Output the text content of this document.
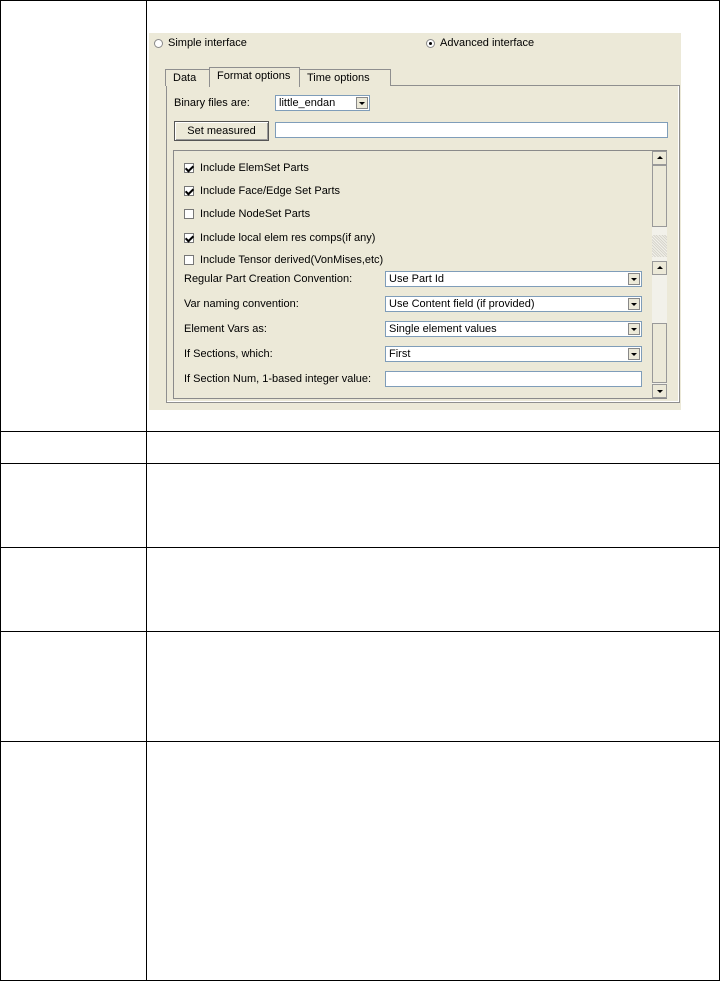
Simple interface	Advanced interface
Data	Format options	Time options
Binary files are:	little_endan
Set measured
Include ElemSet Parts
Include Face/Edge Set Parts
Include NodeSet Parts
Include local elem res comps(if any)
Include Tensor derived(VonMises,etc)
Regular Part Creation Convention:	Use Part Id
Var naming convention:	Use Content field (if provided)
Element Vars as:	Single element values
If Sections, which:	First
If Section Num, 1-based integer value:
